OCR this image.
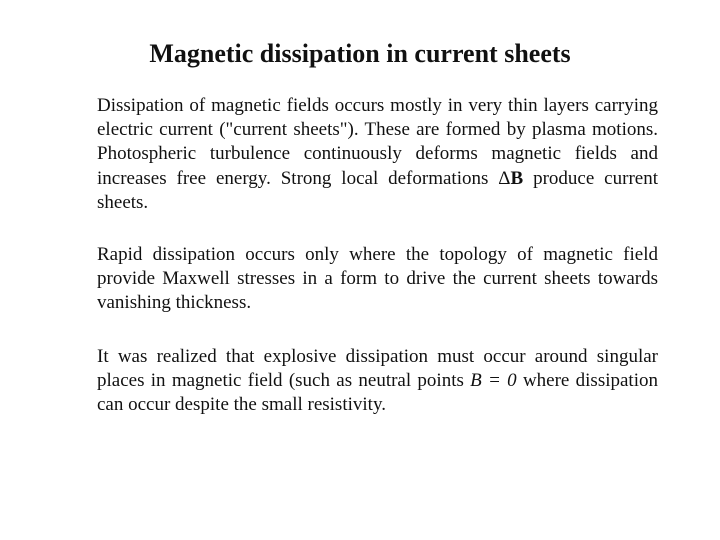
Magnetic dissipation in current sheets

Dissipation of magnetic fields occurs mostly in very thin layers carrying electric current ("current sheets"). These are formed by plasma motions. Photospheric turbulence continuously deforms magnetic fields and increases free energy. Strong local deformations ΔB produce current sheets.

Rapid dissipation occurs only where the topology of magnetic field provide Maxwell stresses in a form to drive the current sheets towards vanishing thickness.

It was realized that explosive dissipation must occur around singular places in magnetic field (such as neutral points B = 0 where dissipation can occur despite the small resistivity.
